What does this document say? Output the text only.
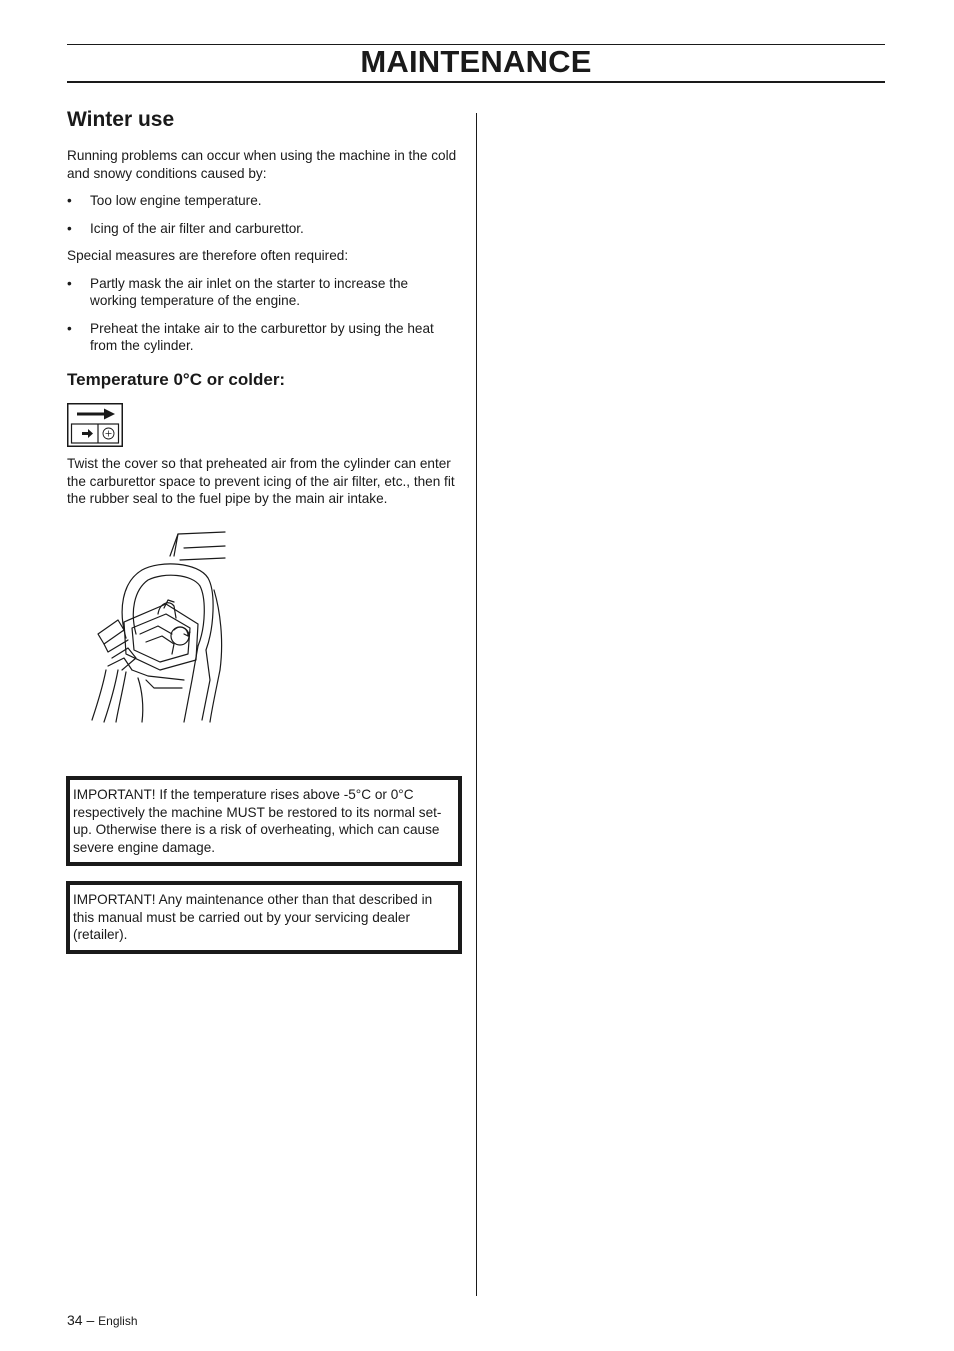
MAINTENANCE
Winter use

Running problems can occur when using the machine in the cold and snowy conditions caused by:

• Too low engine temperature.
• Icing of the air filter and carburettor.

Special measures are therefore often required:

• Partly mask the air inlet on the starter to increase the working temperature of the engine.
• Preheat the intake air to the carburettor by using the heat from the cylinder.
Temperature 0°C or colder:

Twist the cover so that preheated air from the cylinder can enter the carburettor space to prevent icing of the air filter, etc., then fit the rubber seal to the fuel pipe by the main air intake.

IMPORTANT! If the temperature rises above -5°C or 0°C respectively the machine MUST be restored to its normal set-up. Otherwise there is a risk of overheating, which can cause severe engine damage.

IMPORTANT! Any maintenance other than that described in this manual must be carried out by your servicing dealer (retailer).

34 – English
